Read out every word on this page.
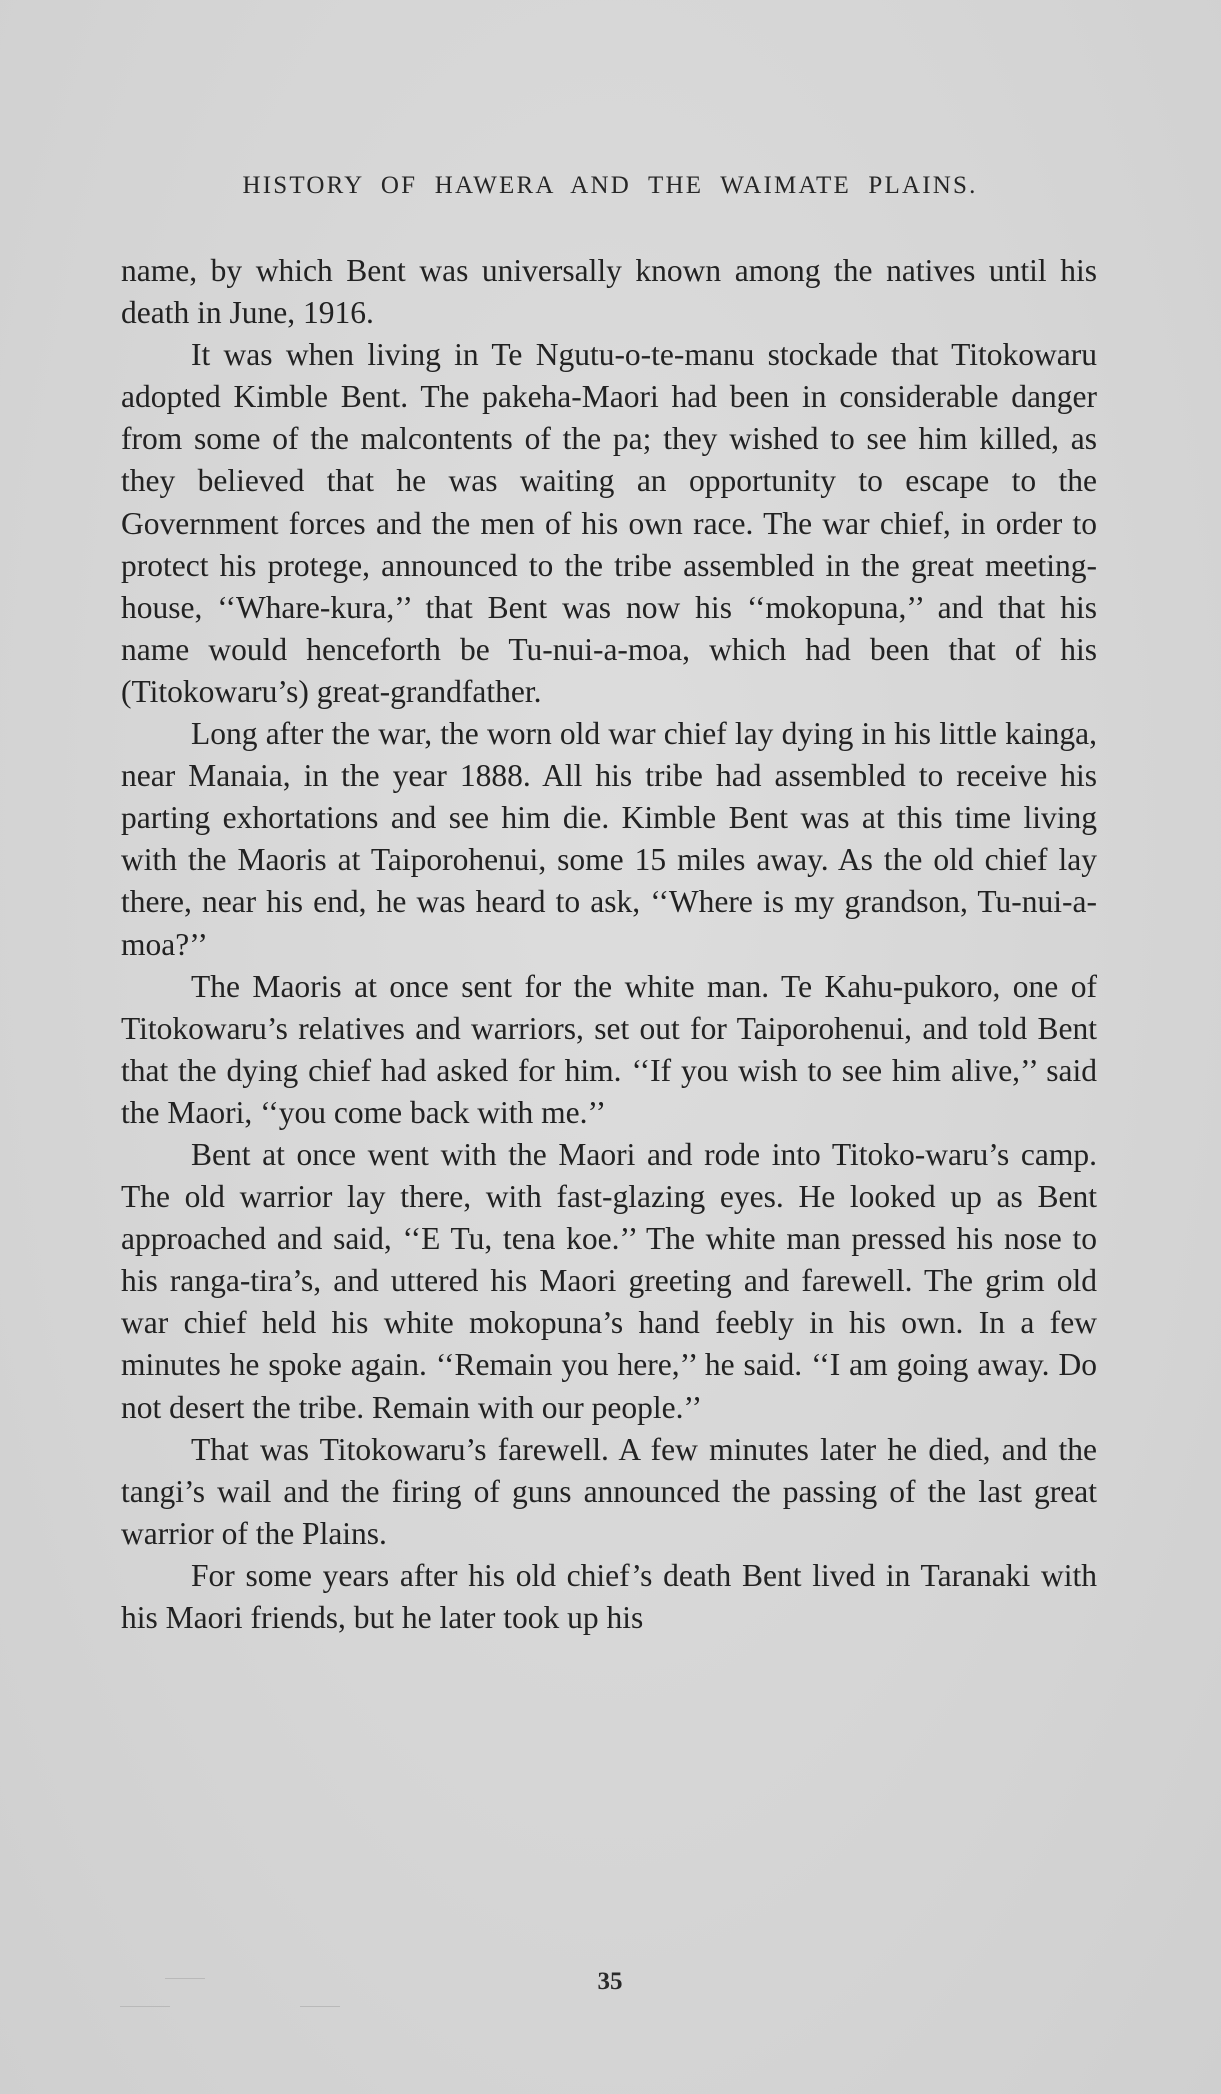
HISTORY OF HAWERA AND THE WAIMATE PLAINS.

name, by which Bent was universally known among the natives until his death in June, 1916.

It was when living in Te Ngutu-o-te-manu stockade that Titokowaru adopted Kimble Bent. The pakeha-Maori had been in considerable danger from some of the malcontents of the pa; they wished to see him killed, as they believed that he was waiting an opportunity to escape to the Government forces and the men of his own race. The war chief, in order to protect his protege, announced to the tribe assembled in the great meeting-house, ‘‘Whare-kura,’’ that Bent was now his ‘‘mokopuna,’’ and that his name would henceforth be Tu-nui-a-moa, which had been that of his (Titokowaru’s) great-grandfather.

Long after the war, the worn old war chief lay dying in his little kainga, near Manaia, in the year 1888. All his tribe had assembled to receive his parting exhortations and see him die. Kimble Bent was at this time living with the Maoris at Taiporohenui, some 15 miles away. As the old chief lay there, near his end, he was heard to ask, ‘‘Where is my grandson, Tu-nui-a-moa?’’

The Maoris at once sent for the white man. Te Kahu-pukoro, one of Titokowaru’s relatives and warriors, set out for Taiporohenui, and told Bent that the dying chief had asked for him. ‘‘If you wish to see him alive,’’ said the Maori, ‘‘you come back with me.’’

Bent at once went with the Maori and rode into Titoko-waru’s camp. The old warrior lay there, with fast-glazing eyes. He looked up as Bent approached and said, ‘‘E Tu, tena koe.’’ The white man pressed his nose to his ranga-tira’s, and uttered his Maori greeting and farewell. The grim old war chief held his white mokopuna’s hand feebly in his own. In a few minutes he spoke again. ‘‘Remain you here,’’ he said. ‘‘I am going away. Do not desert the tribe. Remain with our people.’’

That was Titokowaru’s farewell. A few minutes later he died, and the tangi’s wail and the firing of guns announced the passing of the last great warrior of the Plains.

For some years after his old chief’s death Bent lived in Taranaki with his Maori friends, but he later took up his

35
